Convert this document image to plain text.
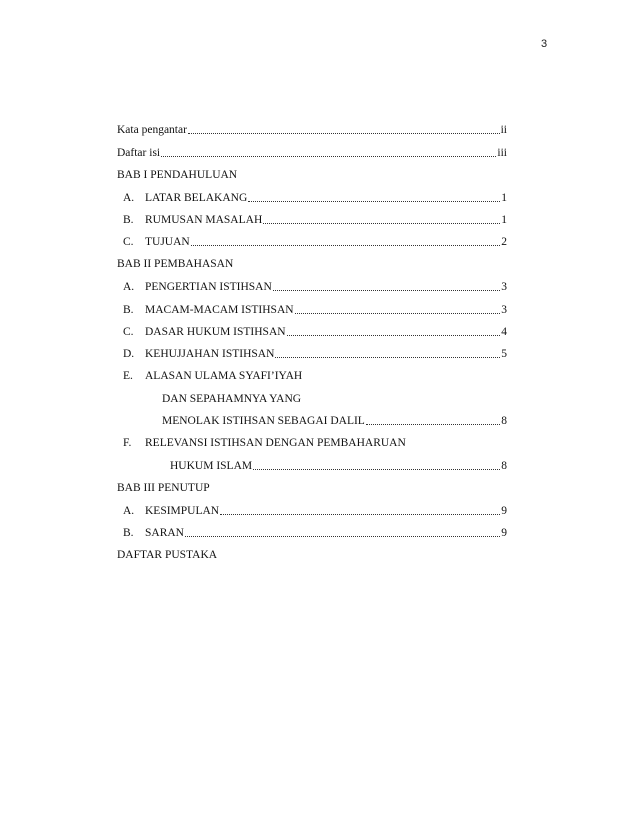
3
Kata pengantar	ii
Daftar isi	iii
BAB I PENDAHULUAN
A. LATAR BELAKANG	1
B. RUMUSAN MASALAH	1
C. TUJUAN	2
BAB II PEMBAHASAN
A. PENGERTIAN ISTIHSAN	3
B. MACAM-MACAM ISTIHSAN	3
C. DASAR HUKUM ISTIHSAN	4
D. KEHUJJAHAN ISTIHSAN	5
E. ALASAN ULAMA SYAFI’IYAH
DAN SEPAHAMNYA YANG
MENOLAK ISTIHSAN SEBAGAI DALIL	8
F. RELEVANSI ISTIHSAN DENGAN PEMBAHARUAN
HUKUM ISLAM	8
BAB III PENUTUP
A. KESIMPULAN	9
B. SARAN	9
DAFTAR PUSTAKA
